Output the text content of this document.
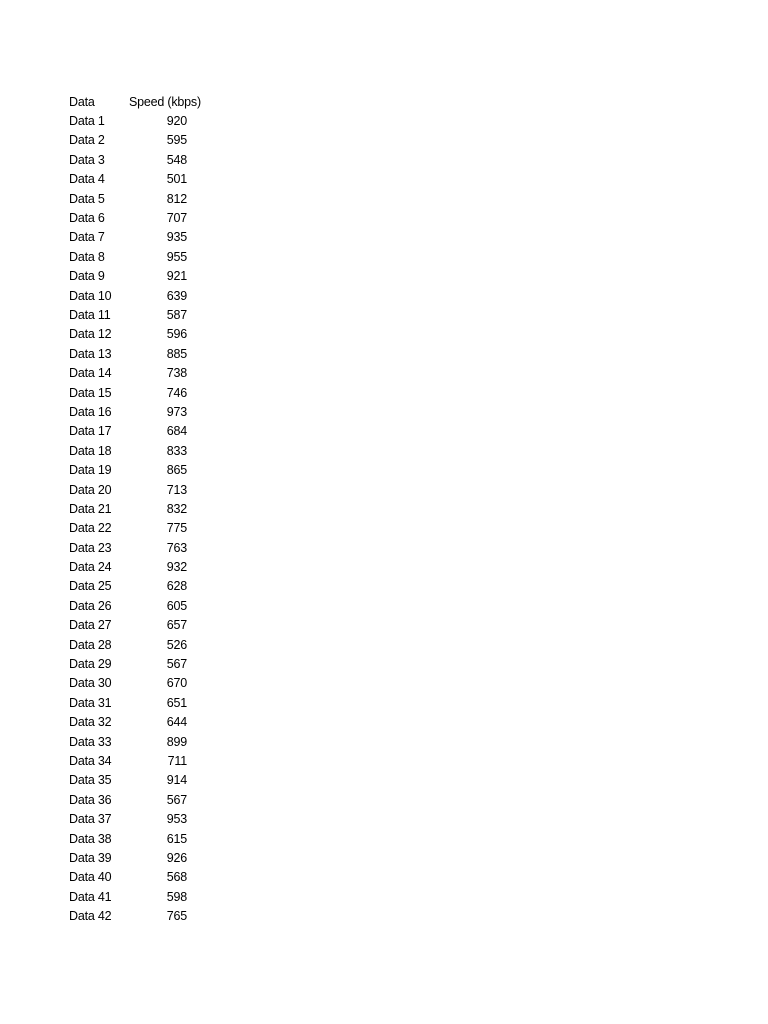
Data	Speed (kbps)
Data 1	920
Data 2	595
Data 3	548
Data 4	501
Data 5	812
Data 6	707
Data 7	935
Data 8	955
Data 9	921
Data 10	639
Data 11	587
Data 12	596
Data 13	885
Data 14	738
Data 15	746
Data 16	973
Data 17	684
Data 18	833
Data 19	865
Data 20	713
Data 21	832
Data 22	775
Data 23	763
Data 24	932
Data 25	628
Data 26	605
Data 27	657
Data 28	526
Data 29	567
Data 30	670
Data 31	651
Data 32	644
Data 33	899
Data 34	711
Data 35	914
Data 36	567
Data 37	953
Data 38	615
Data 39	926
Data 40	568
Data 41	598
Data 42	765
